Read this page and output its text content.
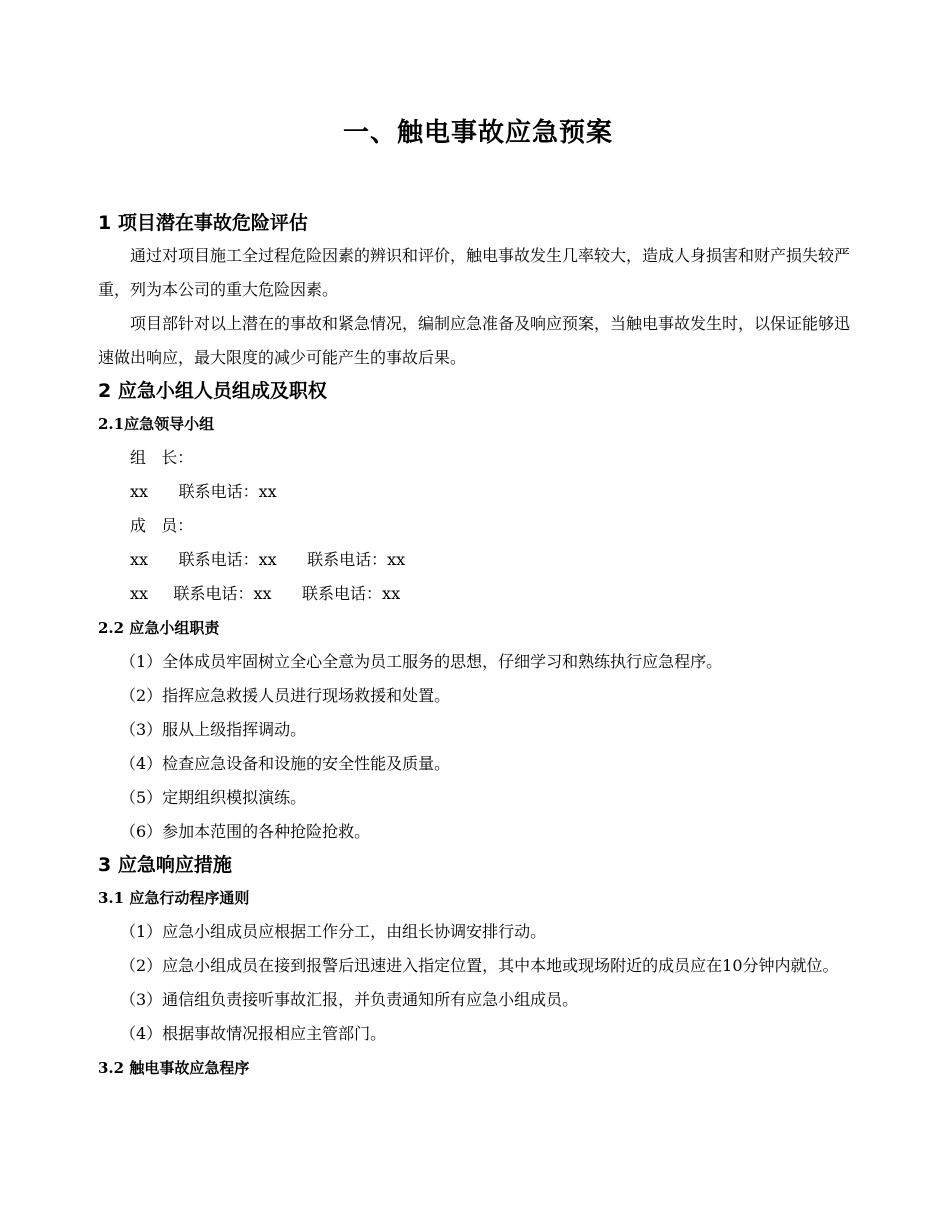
一、触电事故应急预案
1 项目潜在事故危险评估

通过对项目施工全过程危险因素的辨识和评价，触电事故发生几率较大，造成人身损害和财产损失较严重，列为本公司的重大危险因素。

项目部针对以上潜在的事故和紧急情况，编制应急准备及响应预案，当触电事故发生时，以保证能够迅速做出响应，最大限度的减少可能产生的事故后果。

2 应急小组人员组成及职权
2.1应急领导小组
组   长：
xx      联系电话：xx
成   员：
xx      联系电话：xx      联系电话：xx
xx     联系电话：xx      联系电话：xx
2.2 应急小组职责
（1）全体成员牢固树立全心全意为员工服务的思想，仔细学习和熟练执行应急程序。
（2）指挥应急救援人员进行现场救援和处置。
（3）服从上级指挥调动。
（4）检查应急设备和设施的安全性能及质量。
（5）定期组织模拟演练。
（6）参加本范围的各种抢险抢救。
3 应急响应措施
3.1 应急行动程序通则
（1）应急小组成员应根据工作分工，由组长协调安排行动。

（2）应急小组成员在接到报警后迅速进入指定位置，其中本地或现场附近的成员应在10分钟内就位。

（3）通信组负责接听事故汇报，并负责通知所有应急小组成员。
（4）根据事故情况报相应主管部门。
3.2 触电事故应急程序
